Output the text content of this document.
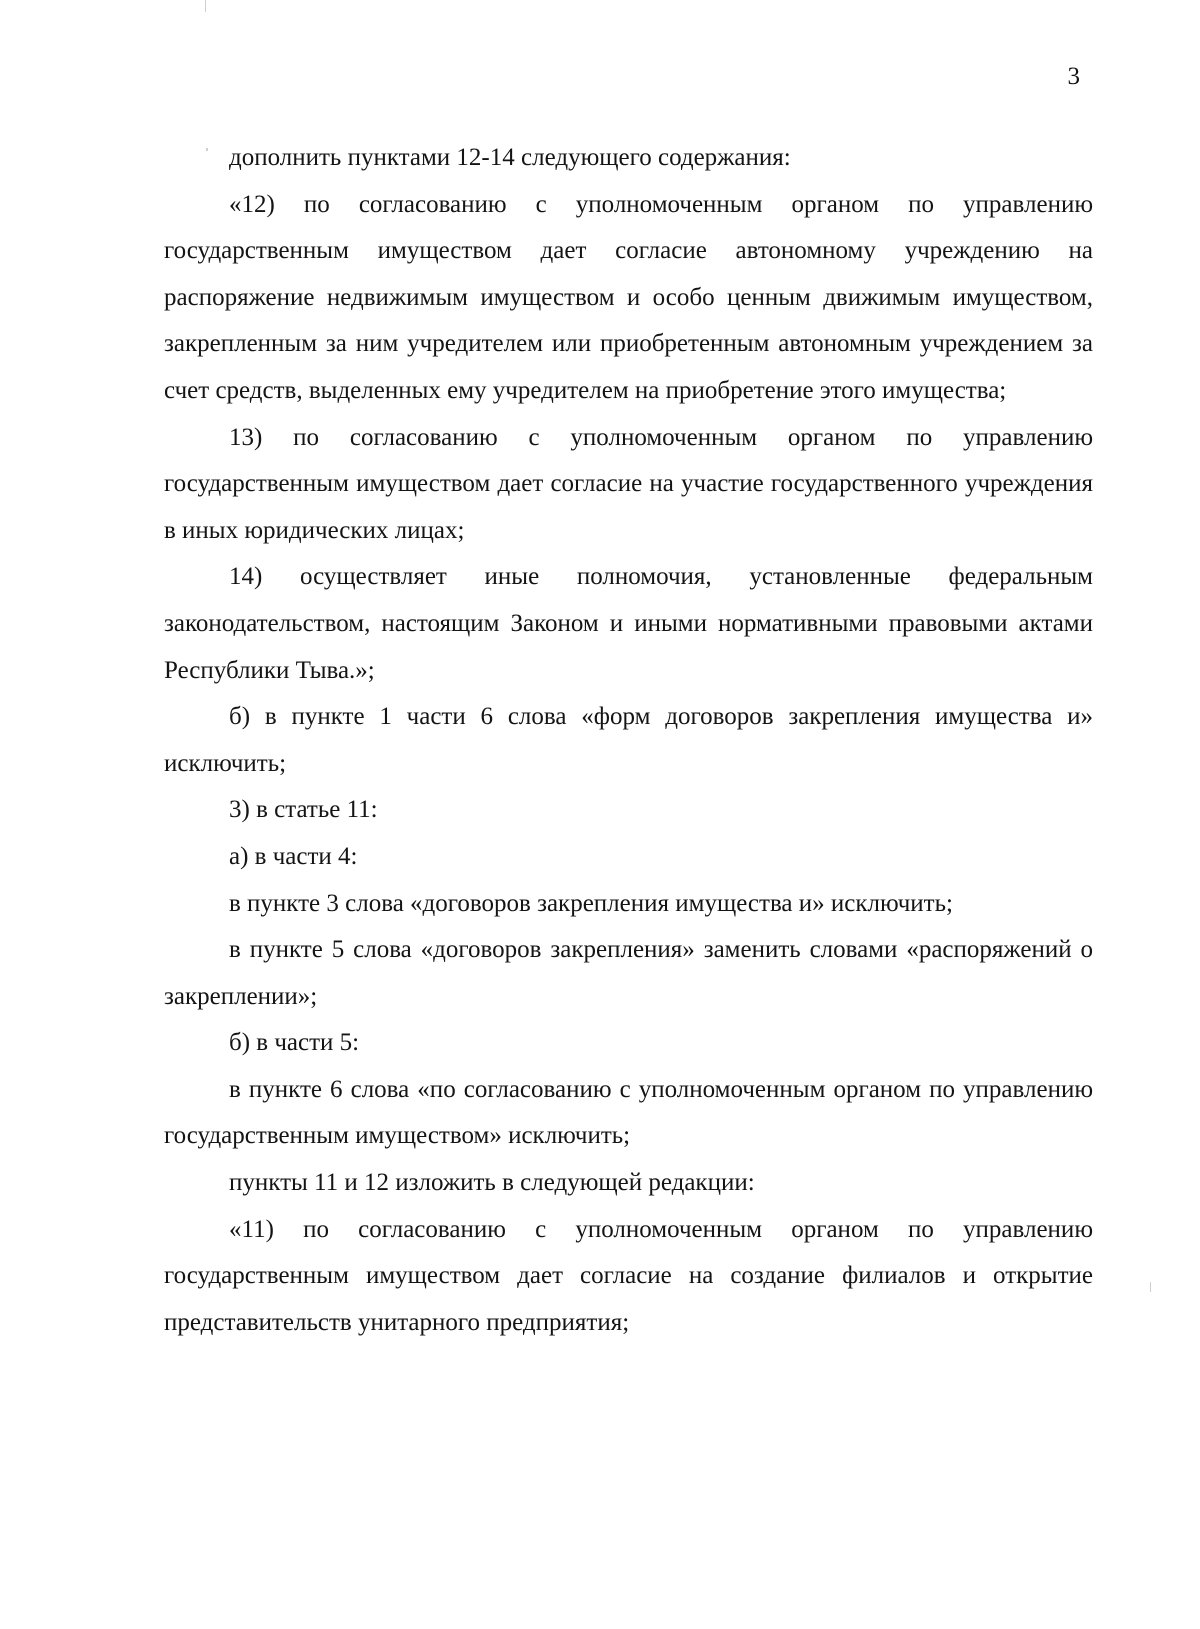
3

дополнить пунктами 12-14 следующего содержания:

«12) по согласованию с уполномоченным органом по управлению государственным имуществом дает согласие автономному учреждению на распоряжение недвижимым имуществом и особо ценным движимым имуществом, закрепленным за ним учредителем или приобретенным автономным учреждением за счет средств, выделенных ему учредителем на приобретение этого имущества;

13) по согласованию с уполномоченным органом по управлению государственным имуществом дает согласие на участие государственного учреждения в иных юридических лицах;

14) осуществляет иные полномочия, установленные федеральным законодательством, настоящим Законом и иными нормативными правовыми актами Республики Тыва.»;

б) в пункте 1 части 6 слова «форм договоров закрепления имущества и» исключить;

3) в статье 11:

а) в части 4:

в пункте 3 слова «договоров закрепления имущества и» исключить;

в пункте 5 слова «договоров закрепления» заменить словами «распоряжений о закреплении»;

б) в части 5:

в пункте 6 слова «по согласованию с уполномоченным органом по управлению государственным имуществом» исключить;

пункты 11 и 12 изложить в следующей редакции:

«11) по согласованию с уполномоченным органом по управлению государственным имуществом дает согласие на создание филиалов и открытие представительств унитарного предприятия;
